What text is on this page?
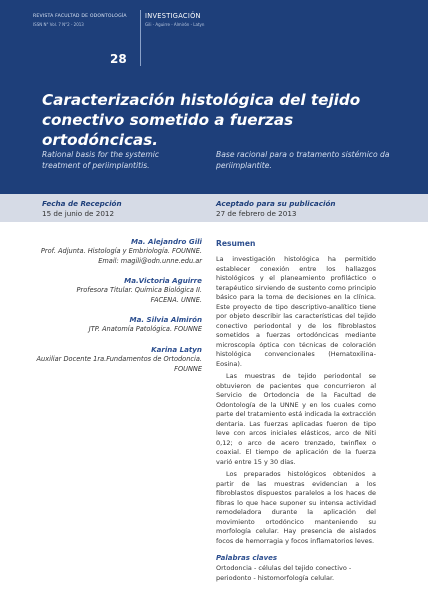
REVISTA FACULTAD DE ODONTOLOGÍA
ISSN N° Vol. 7 N°2 - 2013
28
INVESTIGACIÓN
Gili - Aguirre - Almirón - Latyn
Caracterización histológica del tejido conectivo sometido a fuerzas ortodóncicas.
Rational basis for the systemic treatment of periimplantitis.
Base racional para o tratamento sistémico da periimplantite.
Fecha de Recepción
15 de junio de 2012
Aceptado para su publicación
27 de febrero de 2013
Ma. Alejandro Gili
Prof. Adjunta. Histología y Embriología. FOUNNE.
Email: magili@odn.unne.edu.ar
Ma.Victoria Aguirre
Profesora Titular. Química Biológica II.
FACENA. UNNE.
Ma. Silvia Almirón
JTP. Anatomía Patológica. FOUNNE
Karina Latyn
Auxiliar Docente 1ra.Fundamentos de Ortodoncia.
FOUNNE
Resumen

La investigación histológica ha permitido establecer conexión entre los hallazgos histológicos y el planeamiento profiláctico o terapéutico sirviendo de sustento como principio básico para la toma de decisiones en la clínica. Este proyecto de tipo descriptivo-analítico tiene por objeto describir las características del tejido conectivo periodontal y de los fibroblastos sometidos a fuerzas ortodóncicas mediante microscopía óptica con técnicas de coloración histológica convencionales (Hematoxilina-Eosina).

Las muestras de tejido periodontal se obtuvieron de pacientes que concurrieron al Servicio de Ortodoncia de la Facultad de Odontología de la UNNE y en los cuales como parte del tratamiento está indicada la extracción dentaria. Las fuerzas aplicadas fueron de tipo leve con arcos iniciales elásticos, arco de Niti 0,12; o arco de acero trenzado, twinflex o coaxial. El tiempo de aplicación de la fuerza varió entre 15 y 30 días.

Los preparados histológicos obtenidos a partir de las muestras evidencian a los fibroblastos dispuestos paralelos a los haces de fibras lo que hace suponer su intensa actividad remodeladora durante la aplicación del movimiento ortodóncico manteniendo su morfología celular. Hay presencia de aislados focos de hemorragia y focos inflamatorios leves.

Palabras claves
Ortodoncia - células del tejido conectivo - periodonto - histomorfología celular.
